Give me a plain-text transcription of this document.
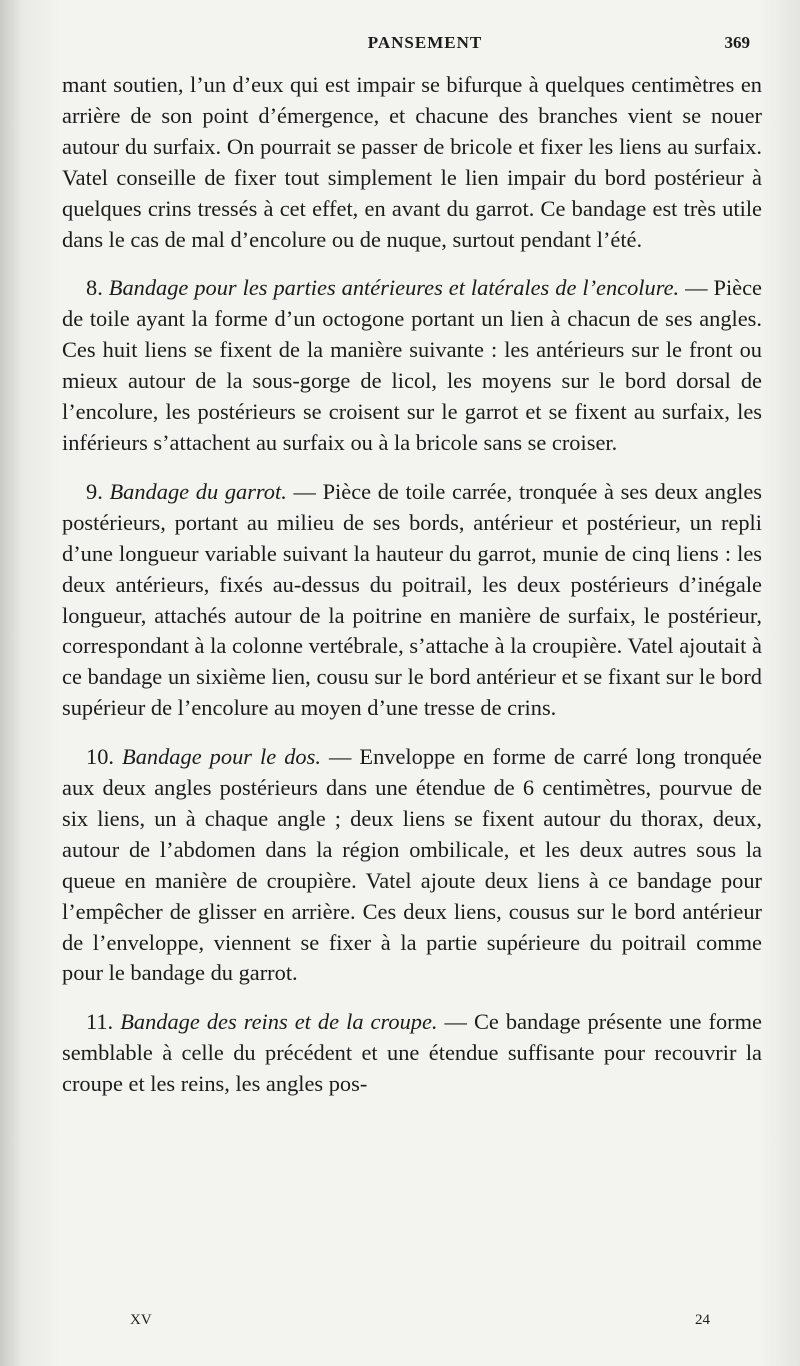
PANSEMENT	369

mant soutien, l’un d’eux qui est impair se bifurque à quelques centimètres en arrière de son point d’émergence, et chacune des branches vient se nouer autour du surfaix. On pourrait se passer de bricole et fixer les liens au surfaix. Vatel conseille de fixer tout simplement le lien impair du bord postérieur à quelques crins tressés à cet effet, en avant du garrot. Ce bandage est très utile dans le cas de mal d’encolure ou de nuque, surtout pendant l’été.

8. Bandage pour les parties antérieures et latérales de l’encolure. — Pièce de toile ayant la forme d’un octogone portant un lien à chacun de ses angles. Ces huit liens se fixent de la manière suivante : les antérieurs sur le front ou mieux autour de la sous-gorge de licol, les moyens sur le bord dorsal de l’encolure, les postérieurs se croisent sur le garrot et se fixent au surfaix, les inférieurs s’attachent au surfaix ou à la bricole sans se croiser.

9. Bandage du garrot. — Pièce de toile carrée, tronquée à ses deux angles postérieurs, portant au milieu de ses bords, antérieur et postérieur, un repli d’une longueur variable suivant la hauteur du garrot, munie de cinq liens : les deux antérieurs, fixés au-dessus du poitrail, les deux postérieurs d’inégale longueur, attachés autour de la poitrine en manière de surfaix, le postérieur, correspondant à la colonne vertébrale, s’attache à la croupière. Vatel ajoutait à ce bandage un sixième lien, cousu sur le bord antérieur et se fixant sur le bord supérieur de l’encolure au moyen d’une tresse de crins.

10. Bandage pour le dos. — Enveloppe en forme de carré long tronquée aux deux angles postérieurs dans une étendue de 6 centimètres, pourvue de six liens, un à chaque angle ; deux liens se fixent autour du thorax, deux, autour de l’abdomen dans la région ombilicale, et les deux autres sous la queue en manière de croupière. Vatel ajoute deux liens à ce bandage pour l’empêcher de glisser en arrière. Ces deux liens, cousus sur le bord antérieur de l’enveloppe, viennent se fixer à la partie supérieure du poitrail comme pour le bandage du garrot.

11. Bandage des reins et de la croupe. — Ce bandage présente une forme semblable à celle du précédent et une étendue suffisante pour recouvrir la croupe et les reins, les angles pos-

XV	24
